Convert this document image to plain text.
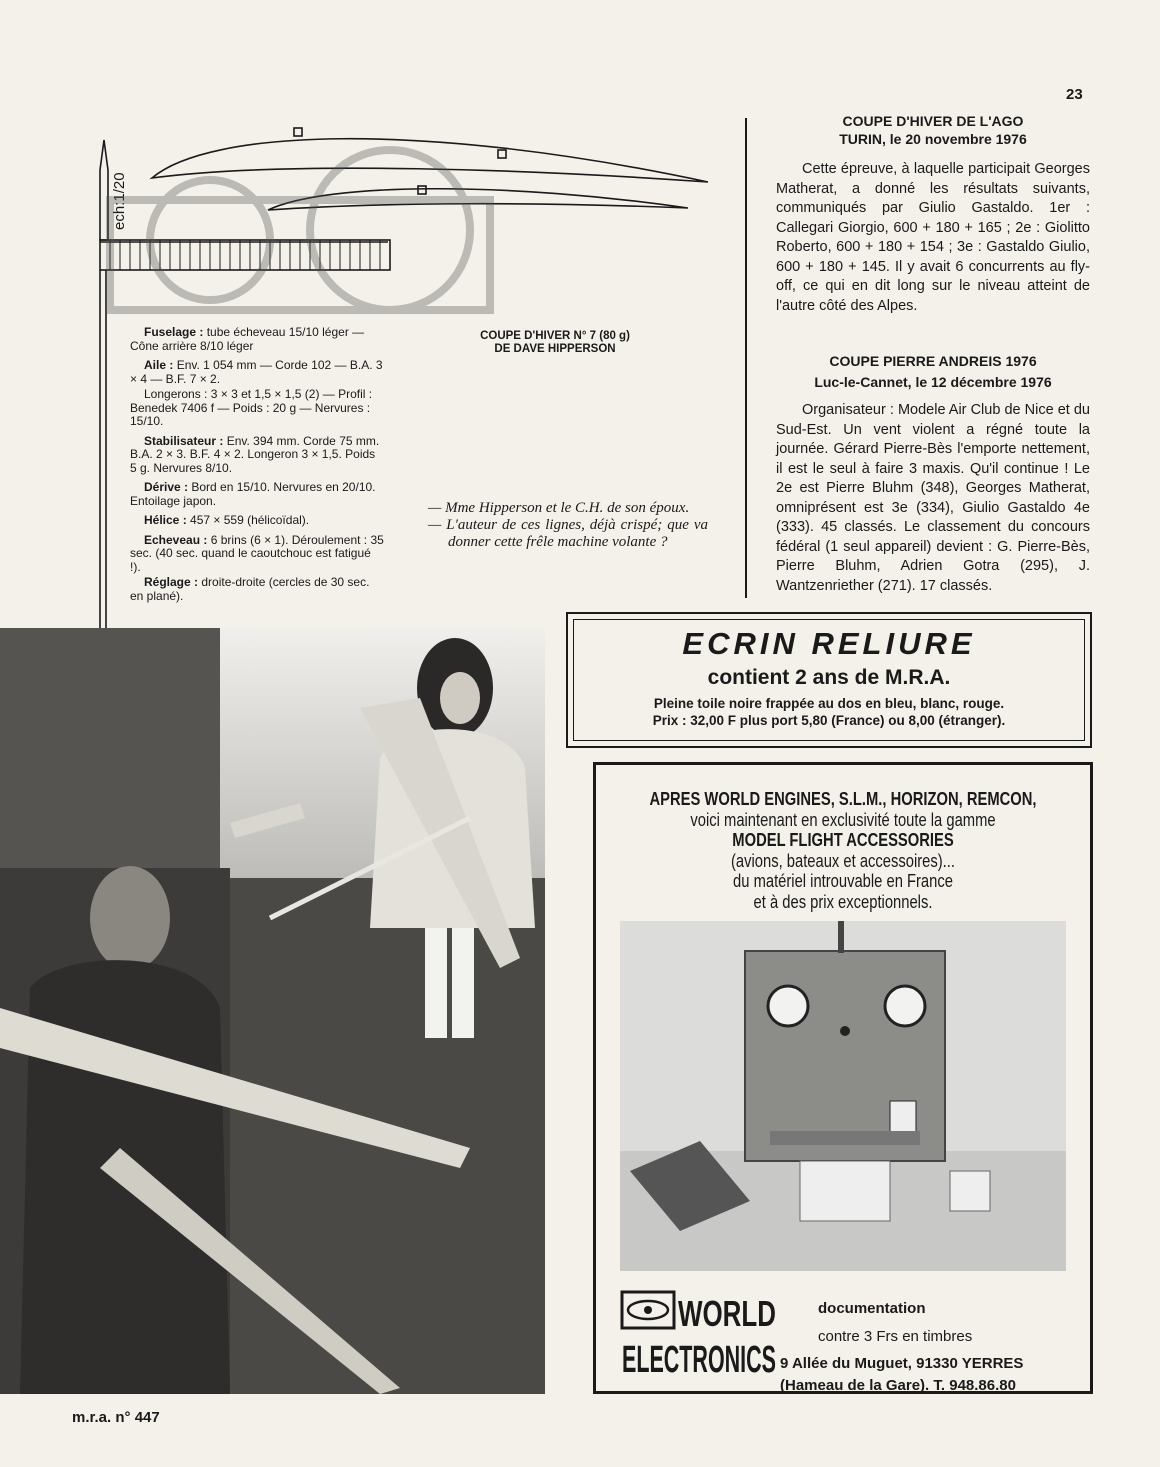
23
ech:1/20

Fuselage : tube écheveau 15/10 léger — Cône arrière 8/10 léger

Aile : Env. 1 054 mm — Corde 102 — B.A. 3 × 4 — B.F. 7 × 2.

Longerons : 3 × 3 et 1,5 × 1,5 (2) — Profil : Benedek 7406 f — Poids : 20 g — Nervures : 15/10.

Stabilisateur : Env. 394 mm. Corde 75 mm. B.A. 2 × 3. B.F. 4 × 2. Longeron 3 × 1,5. Poids 5 g. Nervures 8/10.

Dérive : Bord en 15/10. Nervures en 20/10. Entoilage japon.

Hélice : 457 × 559 (hélicoïdal).

Echeveau : 6 brins (6 × 1). Déroulement : 35 sec. (40 sec. quand le caoutchouc est fatigué !).

Réglage : droite-droite (cercles de 30 sec. en plané).

COUPE D'HIVER N° 7 (80 g)
DE DAVE HIPPERSON

— Mme Hipperson et le C.H. de son époux.

— L'auteur de ces lignes, déjà crispé; que va donner cette frêle machine volante ?

COUPE D'HIVER DE L'AGO
TURIN, le 20 novembre 1976
Cette épreuve, à laquelle participait Georges Matherat, a donné les résultats suivants, communiqués par Giulio Gastaldo. 1er : Callegari Giorgio, 600 + 180 + 165 ; 2e : Giolitto Roberto, 600 + 180 + 154 ; 3e : Gastaldo Giulio, 600 + 180 + 145. Il y avait 6 concurrents au fly-off, ce qui en dit long sur le niveau atteint de l'autre côté des Alpes.
COUPE PIERRE ANDREIS 1976
Luc-le-Cannet, le 12 décembre 1976
Organisateur : Modele Air Club de Nice et du Sud-Est. Un vent violent a régné toute la journée. Gérard Pierre-Bès l'emporte nettement, il est le seul à faire 3 maxis. Qu'il continue ! Le 2e est Pierre Bluhm (348), Georges Matherat, omniprésent est 3e (334), Giulio Gastaldo 4e (333). 45 classés. Le classement du concours fédéral (1 seul appareil) devient : G. Pierre-Bès, Pierre Bluhm, Adrien Gotra (295), J. Wantzenriether (271). 17 classés.
ECRIN RELIURE
contient 2 ans de M.R.A.
Pleine toile noire frappée au dos en bleu, blanc, rouge.
Prix : 32,00 F plus port 5,80 (France) ou 8,00 (étranger).
APRES WORLD ENGINES, S.L.M., HORIZON, REMCON,
voici maintenant en exclusivité toute la gamme
MODEL FLIGHT ACCESSORIES
(avions, bateaux et accessoires)...
du matériel introuvable en France
et à des prix exceptionnels.
WORLD
ELECTRONICS
documentation
contre 3 Frs en timbres
9 Allée du Muguet, 91330 YERRES
(Hameau de la Gare). T. 948.86.80
m.r.a. n° 447
